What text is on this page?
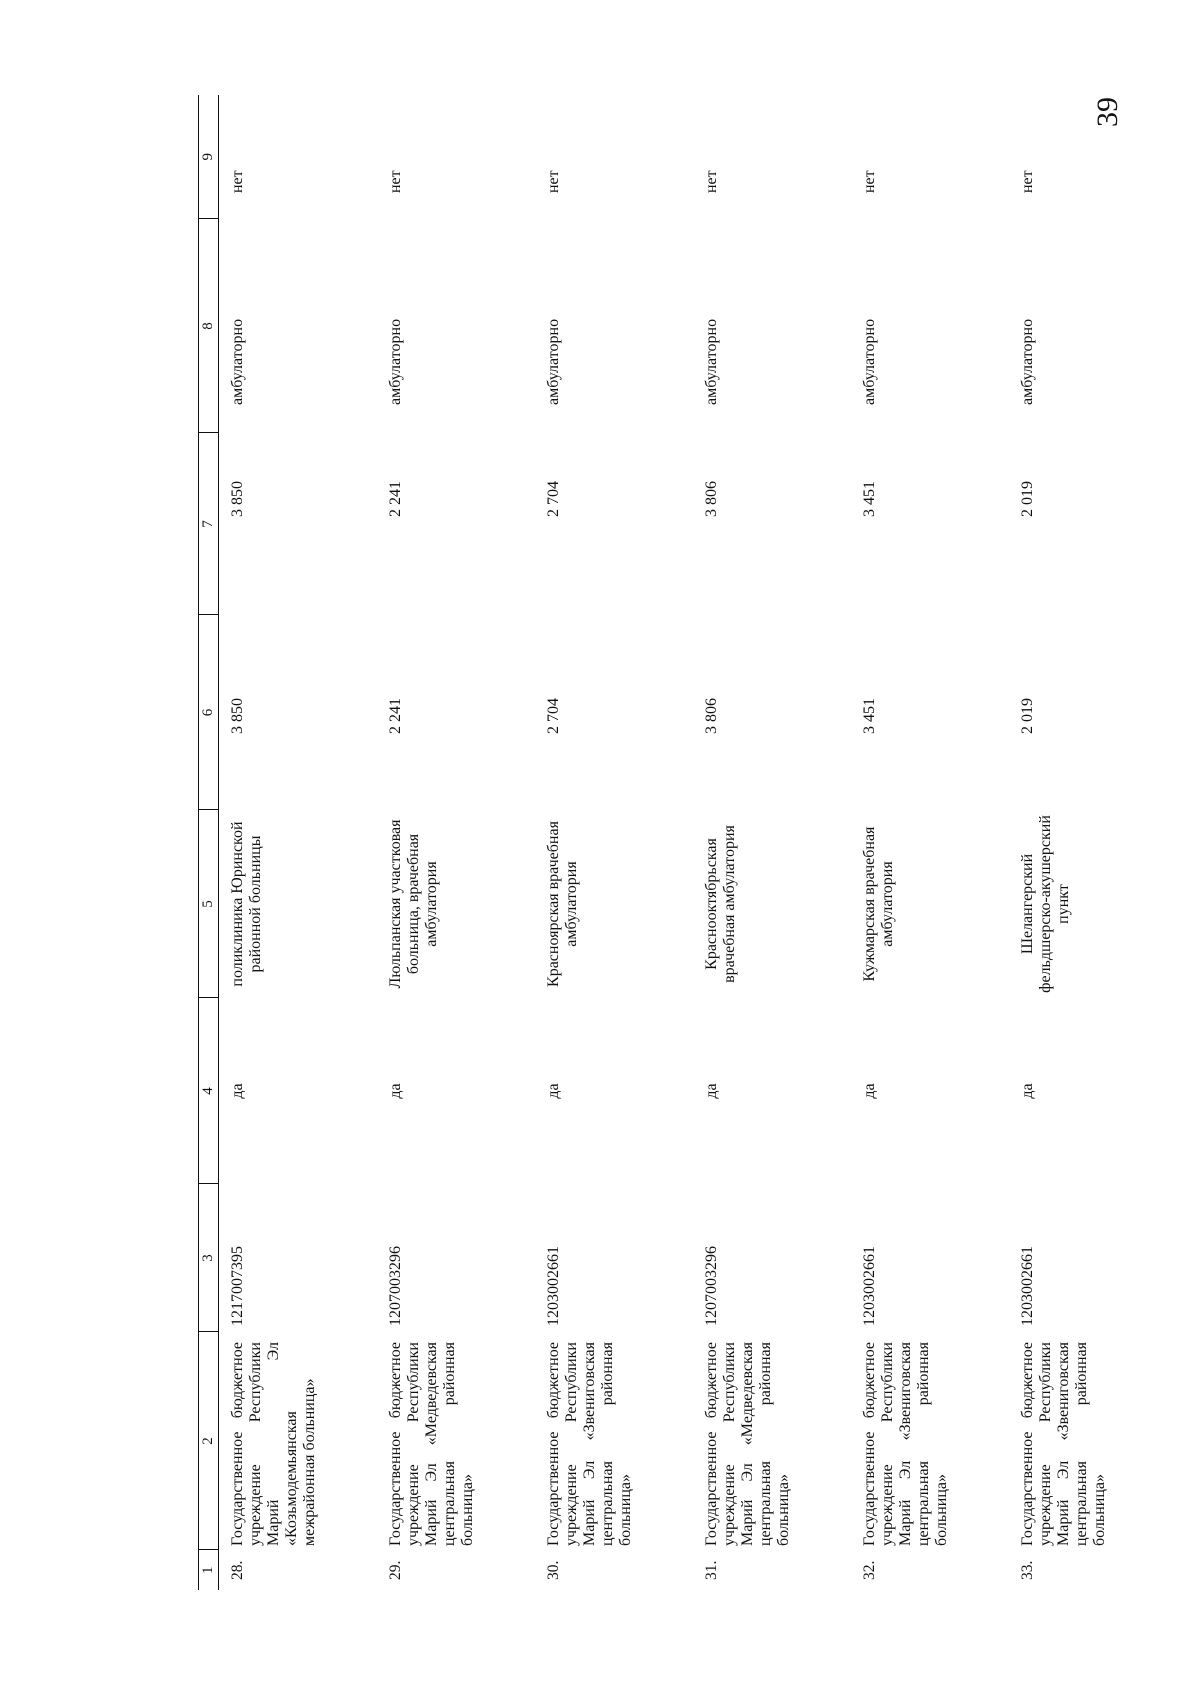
39
1	2	3	4	5	6	7	8	9
28.	Государственное бюджетное учреждение Республики Марий Эл «Козьмодемьянская межрайонная больница»	1217007395	да	поликлиника Юринской районной больницы	3 850	3 850	амбулаторно	нет
29.	Государственное бюджетное учреждение Республики Марий Эл «Медведевская центральная районная больница»	1207003296	да	Люльпанская участковая больница, врачебная амбулатория	2 241	2 241	амбулаторно	нет
30.	Государственное бюджетное учреждение Республики Марий Эл «Звениговская центральная районная больница»	1203002661	да	Красноярская врачебная амбулатория	2 704	2 704	амбулаторно	нет
31.	Государственное бюджетное учреждение Республики Марий Эл «Медведевская центральная районная больница»	1207003296	да	Краснооктябрьская врачебная амбулатория	3 806	3 806	амбулаторно	нет
32.	Государственное бюджетное учреждение Республики Марий Эл «Звениговская центральная районная больница»	1203002661	да	Кужмарская врачебная амбулатория	3 451	3 451	амбулаторно	нет
33.	Государственное бюджетное учреждение Республики Марий Эл «Звениговская центральная районная больница»	1203002661	да	Шелангерский фельдшерско-акушерский пункт	2 019	2 019	амбулаторно	нет
